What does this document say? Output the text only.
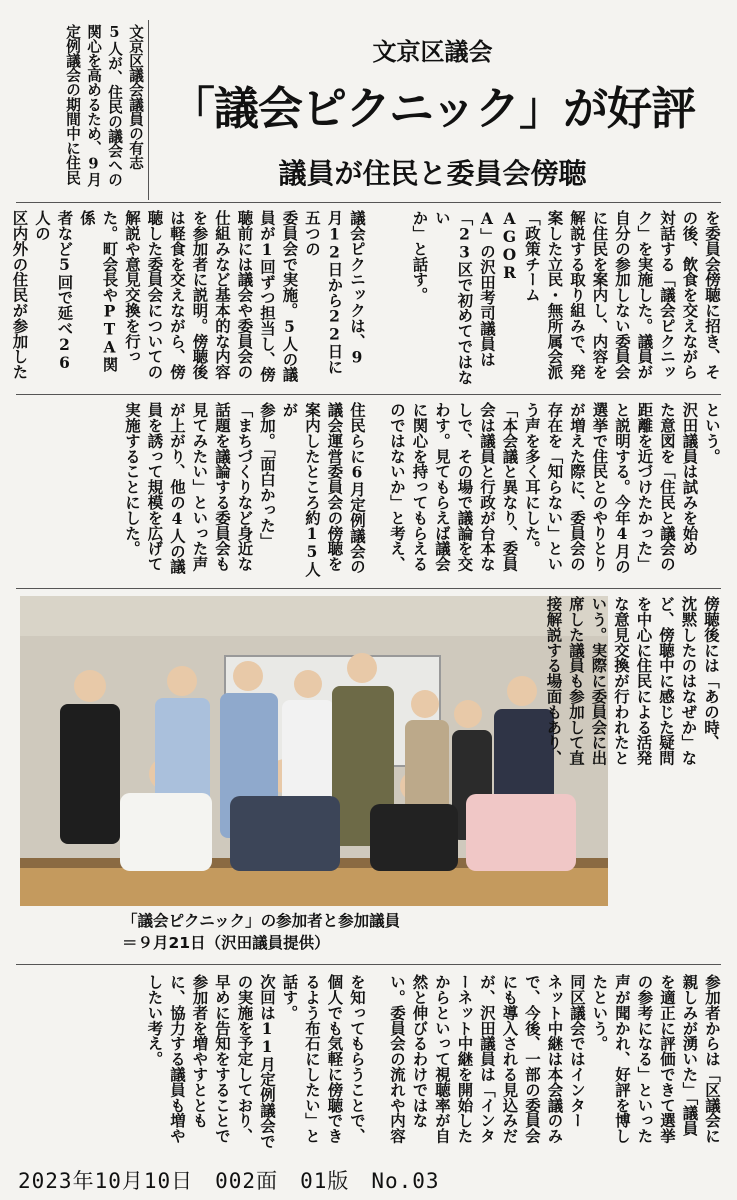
文京区議会議員の有志
5人が、住民の議会への
関心を高めるため、9月
定例議会の期間中に住民	文京区議会
「議会ピクニック」が好評
議員が住民と委員会傍聴
を委員会傍聴に招き、そ
の後、飲食を交えながら
対話する「議会ピクニッ
ク」を実施した。議員が
自分の参加しない委員会
に住民を案内し、内容を
解説する取り組みで、発
案した立民・無所属会派
「政策チーム　AGOR
A」の沢田考司議員は
「23区で初めてではない
か」と話す。
議会ピクニックは、9
月12日から22日に五つの
委員会で実施。5人の議
員が1回ずつ担当し、傍
聴前には議会や委員会の
仕組みなど基本的な内容
を参加者に説明。傍聴後
は軽食を交えながら、傍
聴した委員会についての
解説や意見交換を行っ
た。町会長やPTA関係
者など5回で延べ26人の
区内外の住民が参加した
という。
沢田議員は試みを始め
た意図を「住民と議会の
距離を近づけたかった」
と説明する。今年4月の
選挙で住民とのやりとり
が増えた際に、委員会の
存在を「知らない」とい
う声を多く耳にした。
「本会議と異なり、委員
会は議員と行政が台本な
しで、その場で議論を交
わす。見てもらえば議会
に関心を持ってもらえる
のではないか」と考え、
住民らに6月定例議会の
議会運営委員会の傍聴を
案内したところ約15人が
参加。「面白かった」
「まちづくりなど身近な
話題を議論する委員会も
見てみたい」といった声
が上がり、他の4人の議
員を誘って規模を広げて
実施することにした。
「議会ピクニック」の参加者と参加議員
＝９月21日（沢田議員提供）
傍聴後には「あの時、
沈黙したのはなぜか」な
ど、傍聴中に感じた疑問
を中心に住民による活発
な意見交換が行われたと
いう。実際に委員会に出
席した議員も参加して直
接解説する場面もあり、
参加者からは「区議会に
親しみが湧いた」「議員
を適正に評価できて選挙
の参考になる」といった
声が聞かれ、好評を博し
たという。
同区議会ではインター
ネット中継は本会議のみ
で、今後、一部の委員会
にも導入される見込みだ
が、沢田議員は「インタ
ーネット中継を開始した
からといって視聴率が自
然と伸びるわけではな
い。委員会の流れや内容
を知ってもらうことで、
個人でも気軽に傍聴でき
るよう布石にしたい」と
話す。
次回は11月定例議会で
の実施を予定しており、
早めに告知をすることで
参加者を増やすととも
に、協力する議員も増や
したい考え。
2023年10月10日　002面　01版　No.03
